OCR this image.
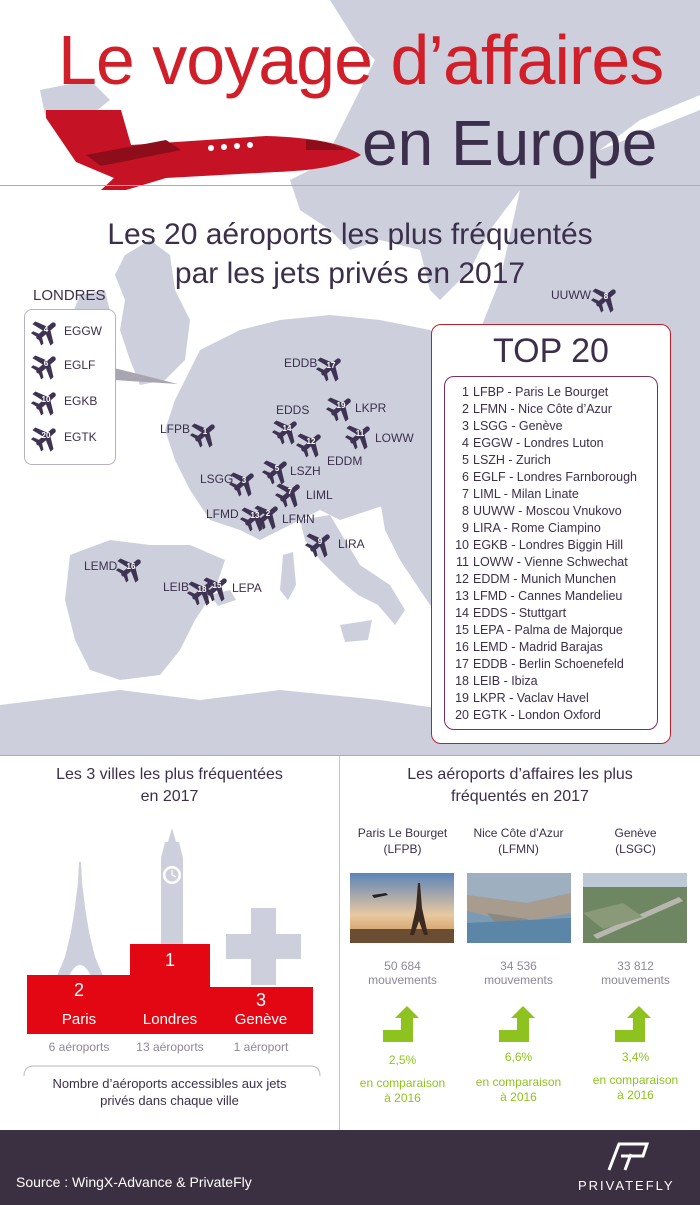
Le voyage d’affaires
en Europe
Les 20 aéroports les plus fréquentés
par les jets privés en 2017
LONDRES
4	EGGW
6	EGLF
10	EGKB
20	EGTK	1
LFPB
2 LFMN
3
LSGG
5 LSZH
7	LIML
8
UUWW
9	LIRA
11 LOWW
12
EDDM
13
LFMD
14
EDDS
15 LEPA
16
LEMD
17
EDDB
18
LEIB
19 LKPR
TOP 20
1 LFBP - Paris Le Bourget
2 LFMN - Nice Côte d’Azur
3 LSGG - Genève
4 EGGW - Londres Luton
5 LSZH - Zurich
6 EGLF - Londres Farnborough
7 LIML - Milan Linate
8 UUWW - Moscou Vnukovo
9 LIRA - Rome Ciampino
10 EGKB - Londres Biggin Hill
11 LOWW - Vienne Schwechat
12 EDDM - Munich Munchen
13 LFMD - Cannes Mandelieu
14 EDDS - Stuttgart
15 LEPA - Palma de Majorque
16 LEMD - Madrid Barajas
17 EDDB - Berlin Schoenefeld
18 LEIB - Ibiza
19 LKPR - Vaclav Havel
20 EGTK - London Oxford
Les 3 villes les plus fréquentées
en 2017
2
1
3
Paris	Londres	Genève
6 aéroports	13 aéroports	1 aéroport
Nombre d’aéroports accessibles aux jets
privés dans chaque ville
Les aéroports d’affaires les plus
fréquentés en 2017
Paris Le Bourget
(LFPB)
50 684
mouvements
2,5%
en comparaison
à 2016
Nice Côte d’Azur
(LFMN)
34 536
mouvements
6,6%
en comparaison
à 2016
Genève
(LSGC)
33 812
mouvements
3,4%
en comparaison
à 2016
Source : WingX-Advance & PrivateFly	PRIVATEFLY
